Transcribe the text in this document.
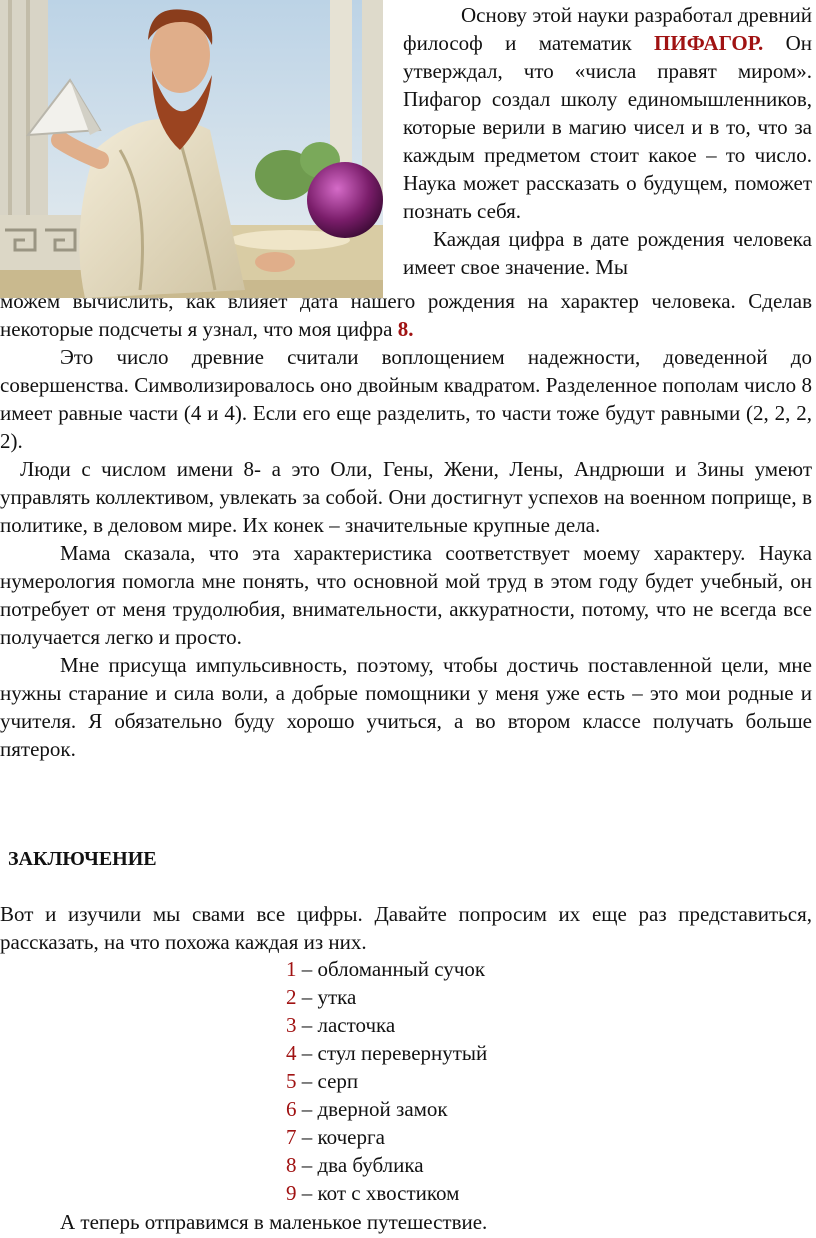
Основу этой науки разработал древний философ и математик ПИФАГОР. Он утверждал, что «числа правят миром». Пифагор создал школу единомышленников, которые верили в магию чисел и в то, что за каждым предметом стоит какое – то число. Наука может рассказать о будущем, поможет познать себя.

Каждая цифра в дате рождения человека имеет свое значение. Мы

можем вычислить, как влияет дата нашего рождения на характер человека. Сделав некоторые подсчеты я узнал, что моя цифра 8.

Это число древние считали воплощением надежности, доведенной до совершенства. Символизировалось оно двойным квадратом. Разделенное пополам число 8 имеет равные части (4 и 4). Если его еще разделить, то части тоже будут равными (2, 2, 2, 2).

Люди с числом имени 8- а это Оли, Гены, Жени, Лены, Андрюши и Зины умеют управлять коллективом, увлекать за собой. Они достигнут успехов на военном поприще, в политике, в деловом мире. Их конек – значительные крупные дела.

Мама сказала, что эта характеристика соответствует моему характеру. Наука нумерология помогла мне понять, что основной мой труд в этом году будет учебный, он потребует от меня трудолюбия, внимательности, аккуратности, потому, что не всегда все получается легко и просто.

Мне присуща импульсивность, поэтому, чтобы достичь поставленной цели, мне нужны старание и сила воли, а добрые помощники у меня уже есть – это мои родные и учителя. Я обязательно буду хорошо учиться, а во втором классе получать больше пятерок.

ЗАКЛЮЧЕНИЕ
Вот и изучили мы свами все цифры. Давайте попросим их еще раз представиться, рассказать, на что похожа каждая из них.
1 – обломанный сучок
2 – утка
3 – ласточка
4 – стул перевернутый
5 – серп
6 – дверной замок
7 – кочерга
8 – два бублика
9 – кот с хвостиком
А теперь отправимся в маленькое путешествие.
